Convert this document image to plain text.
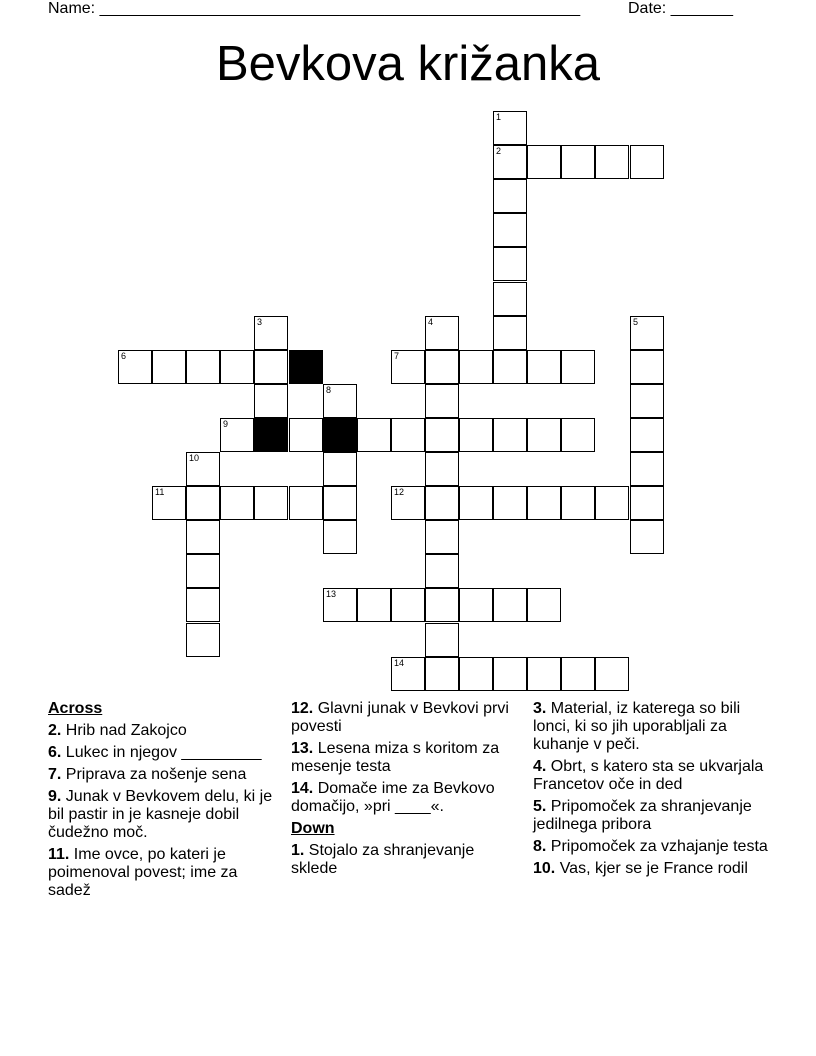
Name: ______________________________________________________	Date: _______
Bevkova križanka
1
2
3	4	5
6	7
8
9
10
11	12
13
14
Across
2. Hrib nad Zakojco
6. Lukec in njegov _________
7. Priprava za nošenje sena
9. Junak v Bevkovem delu, ki je bil pastir in je kasneje dobil čudežno moč.
11. Ime ovce, po kateri je poimenoval povest; ime za sadež
12. Glavni junak v Bevkovi prvi povesti
13. Lesena miza s koritom za mesenje testa
14. Domače ime za Bevkovo domačijo, »pri ____«.
Down
1. Stojalo za shranjevanje sklede
3. Material, iz katerega so bili lonci, ki so jih uporabljali za kuhanje v peči.
4. Obrt, s katero sta se ukvarjala Francetov oče in ded
5. Pripomoček za shranjevanje jedilnega pribora
8. Pripomoček za vzhajanje testa
10. Vas, kjer se je France rodil
